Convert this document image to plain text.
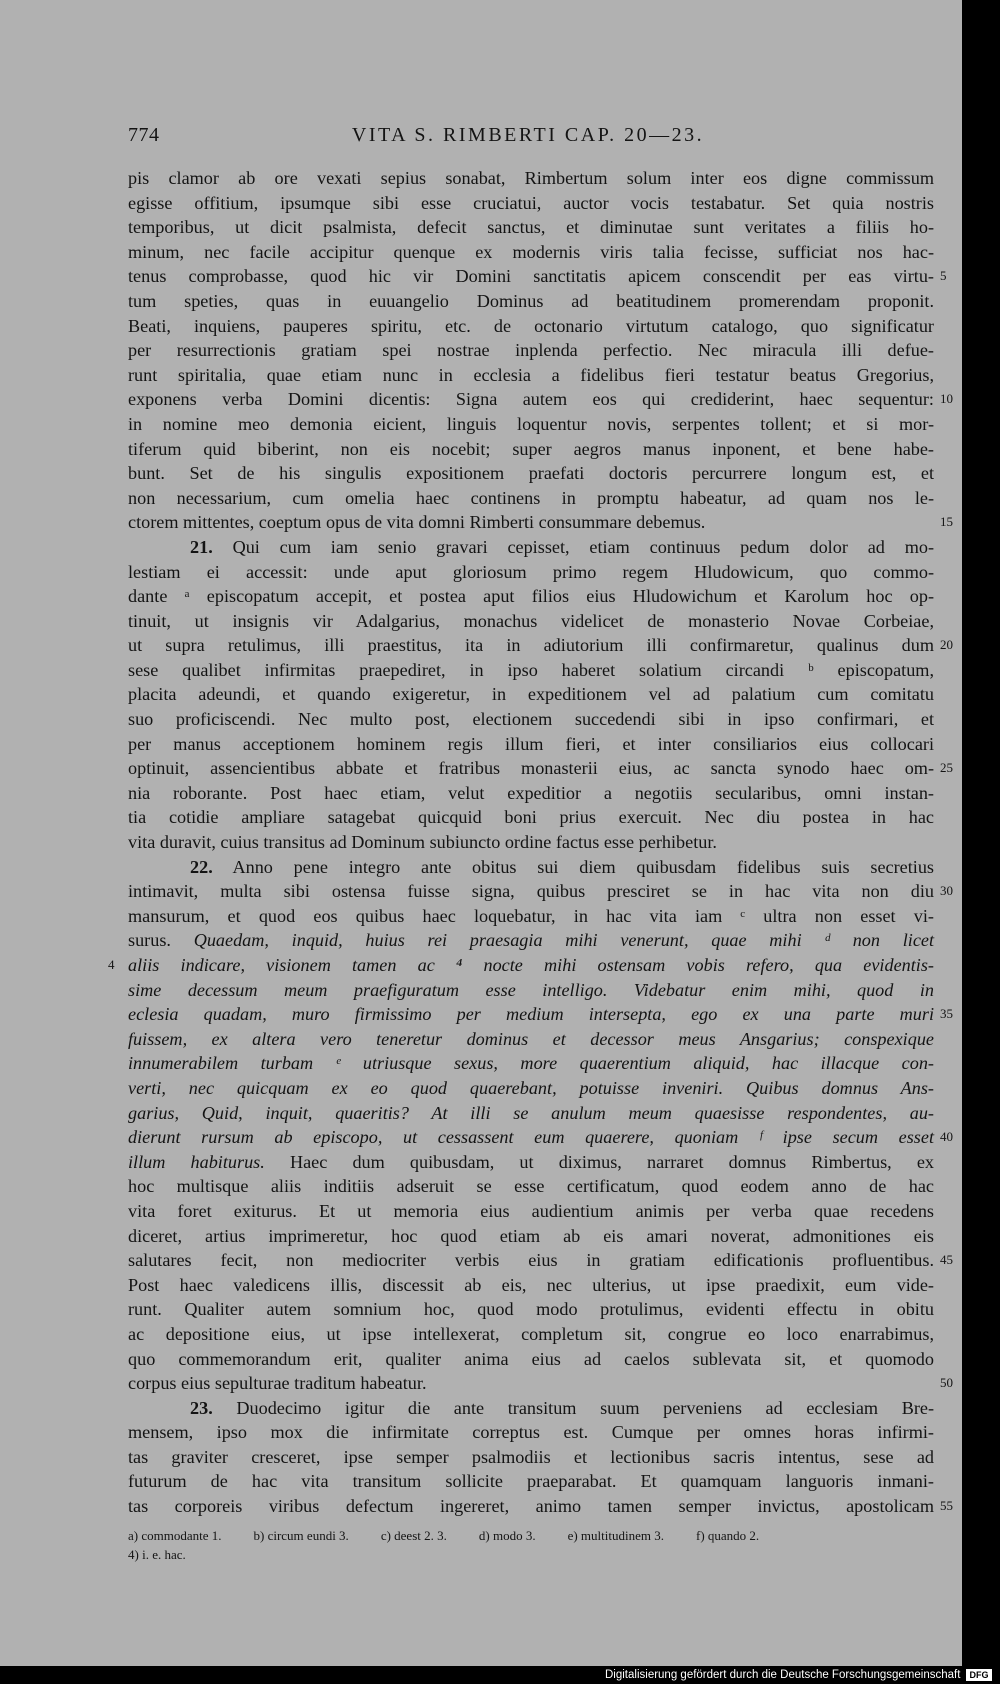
774	VITA S. RIMBERTI CAP. 20—23.
pis clamor ab ore vexati sepius sonabat, Rimbertum solum inter eos digne commissum
egisse offitium, ipsumque sibi esse cruciatui, auctor vocis testabatur. Set quia nostris
temporibus, ut dicit psalmista, defecit sanctus, et diminutae sunt veritates a filiis ho-
minum, nec facile accipitur quenque ex modernis viris talia fecisse, sufficiat nos hac-
tenus comprobasse, quod hic vir Domini sanctitatis apicem conscendit per eas virtu- 5
tum speties, quas in euuangelio Dominus ad beatitudinem promerendam proponit.
Beati, inquiens, pauperes spiritu, etc. de octonario virtutum catalogo, quo significatur
per resurrectionis gratiam spei nostrae inplenda perfectio. Nec miracula illi defue-
runt spiritalia, quae etiam nunc in ecclesia a fidelibus fieri testatur beatus Gregorius,
exponens verba Domini dicentis: Signa autem eos qui crediderint, haec sequentur: 10
in nomine meo demonia eicient, linguis loquentur novis, serpentes tollent; et si mor-
tiferum quid biberint, non eis nocebit; super aegros manus inponent, et bene habe-
bunt. Set de his singulis expositionem praefati doctoris percurrere longum est, et
non necessarium, cum omelia haec continens in promptu habeatur, ad quam nos le-
ctorem mittentes, coeptum opus de vita domni Rimberti consummare debemus.	15
21. Qui cum iam senio gravari cepisset, etiam continuus pedum dolor ad mo-
lestiam ei accessit: unde aput gloriosum primo regem Hludowicum, quo commo-
dante ᵃ episcopatum accepit, et postea aput filios eius Hludowichum et Karolum hoc op-
tinuit, ut insignis vir Adalgarius, monachus videlicet de monasterio Novae Corbeiae,
ut supra retulimus, illi praestitus, ita in adiutorium illi confirmaretur, qualinus dum 20
sese qualibet infirmitas praepediret, in ipso haberet solatium circandi ᵇ episcopatum,
placita adeundi, et quando exigeretur, in expeditionem vel ad palatium cum comitatu
suo proficiscendi. Nec multo post, electionem succedendi sibi in ipso confirmari, et
per manus acceptionem hominem regis illum fieri, et inter consiliarios eius collocari
optinuit, assencientibus abbate et fratribus monasterii eius, ac sancta synodo haec om- 25
nia roborante. Post haec etiam, velut expeditior a negotiis secularibus, omni instan-
tia cotidie ampliare satagebat quicquid boni prius exercuit. Nec diu postea in hac
vita duravit, cuius transitus ad Dominum subiuncto ordine factus esse perhibetur.
22. Anno pene integro ante obitus sui diem quibusdam fidelibus suis secretius
intimavit, multa sibi ostensa fuisse signa, quibus presciret se in hac vita non diu 30
mansurum, et quod eos quibus haec loquebatur, in hac vita iam ᶜ ultra non esset vi-
surus. Quaedam, inquid, huius rei praesagia mihi venerunt, quae mihi ᵈ non licet
aliis indicare, visionem tamen ac ⁴ nocte mihi ostensam vobis refero, qua evidentis-
4
sime decessum meum praefiguratum esse intelligo. Videbatur enim mihi, quod in
eclesia quadam, muro firmissimo per medium intersepta, ego ex una parte muri 35
fuissem, ex altera vero teneretur dominus et decessor meus Ansgarius; conspexique
innumerabilem turbam ᵉ utriusque sexus, more quaerentium aliquid, hac illacque con-
verti, nec quicquam ex eo quod quaerebant, potuisse inveniri. Quibus domnus Ans-
garius, Quid, inquit, quaeritis? At illi se anulum meum quaesisse respondentes, au-
dierunt rursum ab episcopo, ut cessassent eum quaerere, quoniam ᶠ ipse secum esset 40
illum habiturus. Haec dum quibusdam, ut diximus, narraret domnus Rimbertus, ex
hoc multisque aliis inditiis adseruit se esse certificatum, quod eodem anno de hac
vita foret exiturus. Et ut memoria eius audientium animis per verba quae recedens
diceret, artius imprimeretur, hoc quod etiam ab eis amari noverat, admonitiones eis
salutares fecit, non mediocriter verbis eius in gratiam edificationis profluentibus. 45
Post haec valedicens illis, discessit ab eis, nec ulterius, ut ipse praedixit, eum vide-
runt. Qualiter autem somnium hoc, quod modo protulimus, evidenti effectu in obitu
ac depositione eius, ut ipse intellexerat, completum sit, congrue eo loco enarrabimus,
quo commemorandum erit, qualiter anima eius ad caelos sublevata sit, et quomodo
corpus eius sepulturae traditum habeatur.	50
23. Duodecimo igitur die ante transitum suum perveniens ad ecclesiam Bre-
mensem, ipso mox die infirmitate correptus est. Cumque per omnes horas infirmi-
tas graviter cresceret, ipse semper psalmodiis et lectionibus sacris intentus, sese ad
futurum de hac vita transitum sollicite praeparabat. Et quamquam languoris inmani-
tas corporeis viribus defectum ingereret, animo tamen semper invictus, apostolicam 55
a) commodante 1. b) circum eundi 3. c) deest 2. 3. d) modo 3. e) multitudinem 3. f) quando 2.
4) i. e. hac.
Digitalisierung gefördert durch die Deutsche Forschungsgemeinschaft	DFG
